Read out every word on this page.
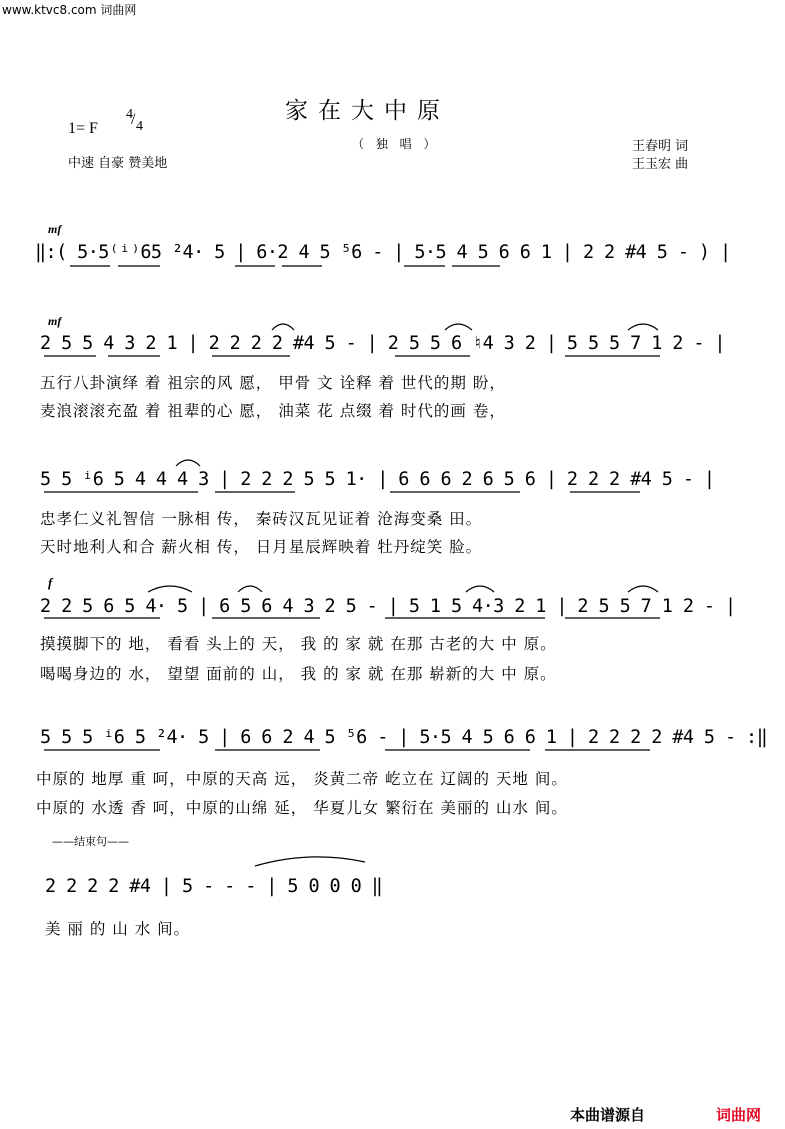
www.ktvc8.com 词曲网
家在大中原
（ 独 唱 ）
1= F
4
4
/
中速 自豪 赞美地
王春明 词
王玉宏 曲
mf
mf
f
‖:( 5·5⁽ⁱ⁾65 ²4· 5 | 6·2 4 5 ⁵6 - | 5·5 4 5 6 6 1 | 2 2 #4 5 - ) |
2 5 5 4 3 2 1 | 2 2 2 2 #4 5 - | 2 5 5 6 ♮4 3 2 | 5 5 5 7 1 2 - |
五行八卦演绎 着 祖宗的风 愿， 甲骨 文 诠释 着 世代的期 盼，
麦浪滚滚充盈 着 祖辈的心 愿， 油菜 花 点缀 着 时代的画 卷，
5 5 ⁱ6 5 4 4 4 3 | 2 2 2 5 5 1· | 6 6 6 2 6 5 6 | 2 2 2 #4 5 - |
忠孝仁义礼智信 一脉相 传， 秦砖汉瓦见证着 沧海变桑 田。
天时地利人和合 薪火相 传， 日月星辰辉映着 牡丹绽笑 脸。
2 2 5 6 5 4· 5 | 6 5 6 4 3 2 5 - | 5 1 5 4·3 2 1 | 2 5 5 7 1 2 - |
摸摸脚下的 地， 看看 头上的 天， 我 的 家 就 在那 古老的大 中 原。
喝喝身边的 水， 望望 面前的 山， 我 的 家 就 在那 崭新的大 中 原。
5 5 5 ⁱ6 5 ²4· 5 | 6 6 2 4 5 ⁵6 - | 5·5 4 5 6 6 1 | 2 2 2 2 #4 5 - :‖
中原的 地厚 重 呵，中原的天高 远， 炎黄二帝 屹立在 辽阔的 天地 间。
中原的 水透 香 呵，中原的山绵 延， 华夏儿女 繁衍在 美丽的 山水 间。
——结束句——
2 2 2 2 #4 | 5 - - - | 5 0 0 0 ‖
美 丽 的 山 水 间。
本曲谱源自	词曲网
